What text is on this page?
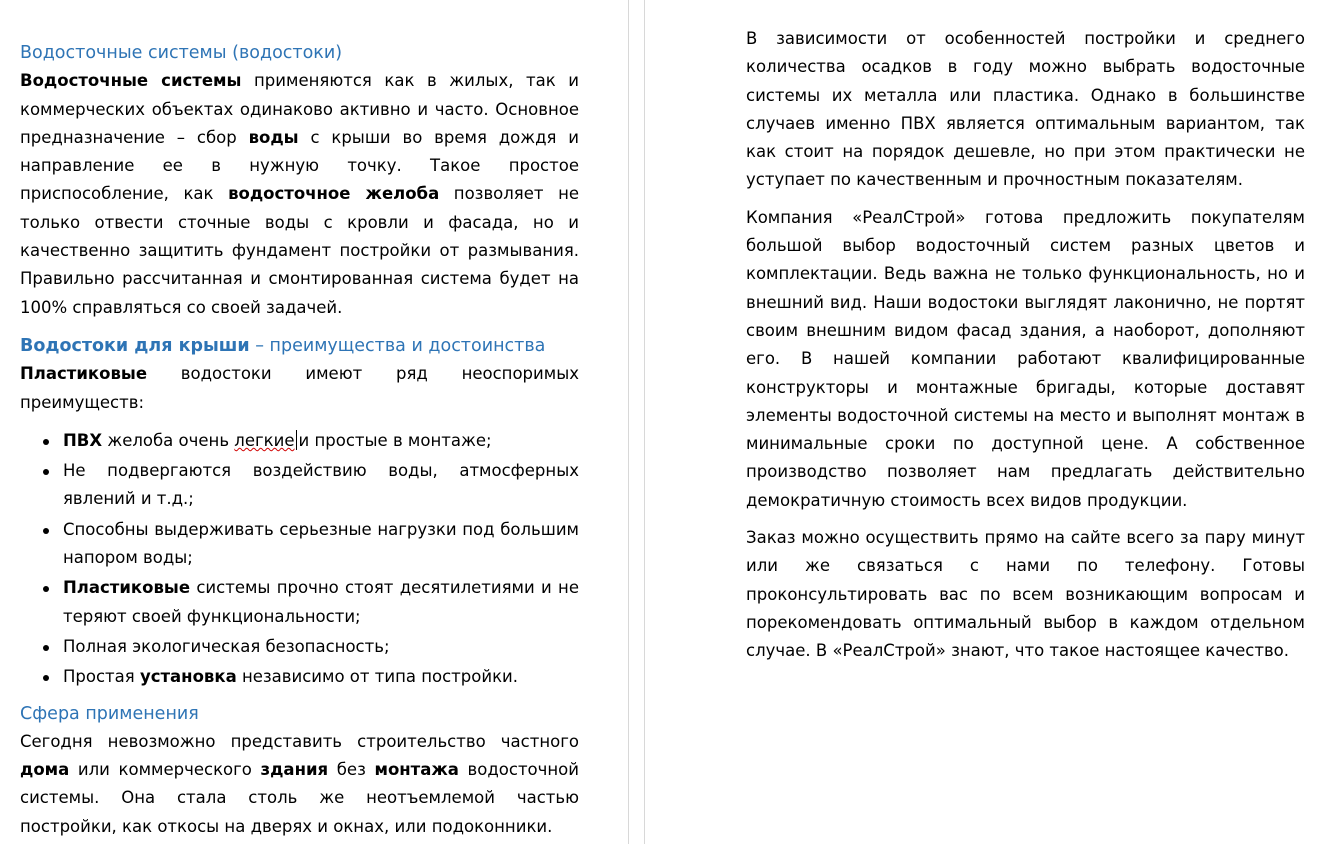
Водосточные системы (водостоки)

Водосточные системы применяются как в жилых, так и коммерческих объектах одинаково активно и часто. Основное предназначение – сбор воды с крыши во время дождя и направление ее в нужную точку. Такое простое приспособление, как водосточное желоба позволяет не только отвести сточные воды с кровли и фасада, но и качественно защитить фундамент постройки от размывания. Правильно рассчитанная и смонтированная система будет на 100% справляться со своей задачей.

Водостоки для крыши – преимущества и достоинства

Пластиковые водостоки имеют ряд неоспоримых преимуществ:

ПВХ желоба очень легкие и простые в монтаже;
Не подвергаются воздействию воды, атмосферных явлений и т.д.;
Способны выдерживать серьезные нагрузки под большим напором воды;
Пластиковые системы прочно стоят десятилетиями и не теряют своей функциональности;
Полная экологическая безопасность;
Простая установка независимо от типа постройки.
Сфера применения

Сегодня невозможно представить строительство частного дома или коммерческого здания без монтажа водосточной системы. Она стала столь же неотъемлемой частью постройки, как откосы на дверях и окнах, или подоконники.

В зависимости от особенностей постройки и среднего количества осадков в году можно выбрать водосточные системы их металла или пластика. Однако в большинстве случаев именно ПВХ является оптимальным вариантом, так как стоит на порядок дешевле, но при этом практически не уступает по качественным и прочностным показателям.

Компания «РеалСтрой» готова предложить покупателям большой выбор водосточный систем разных цветов и комплектации. Ведь важна не только функциональность, но и внешний вид. Наши водостоки выглядят лаконично, не портят своим внешним видом фасад здания, а наоборот, дополняют его. В нашей компании работают квалифицированные конструкторы и монтажные бригады, которые доставят элементы водосточной системы на место и выполнят монтаж в минимальные сроки по доступной цене. А собственное производство позволяет нам предлагать действительно демократичную стоимость всех видов продукции.

Заказ можно осуществить прямо на сайте всего за пару минут или же связаться с нами по телефону. Готовы проконсультировать вас по всем возникающим вопросам и порекомендовать оптимальный выбор в каждом отдельном случае. В «РеалСтрой» знают, что такое настоящее качество.
